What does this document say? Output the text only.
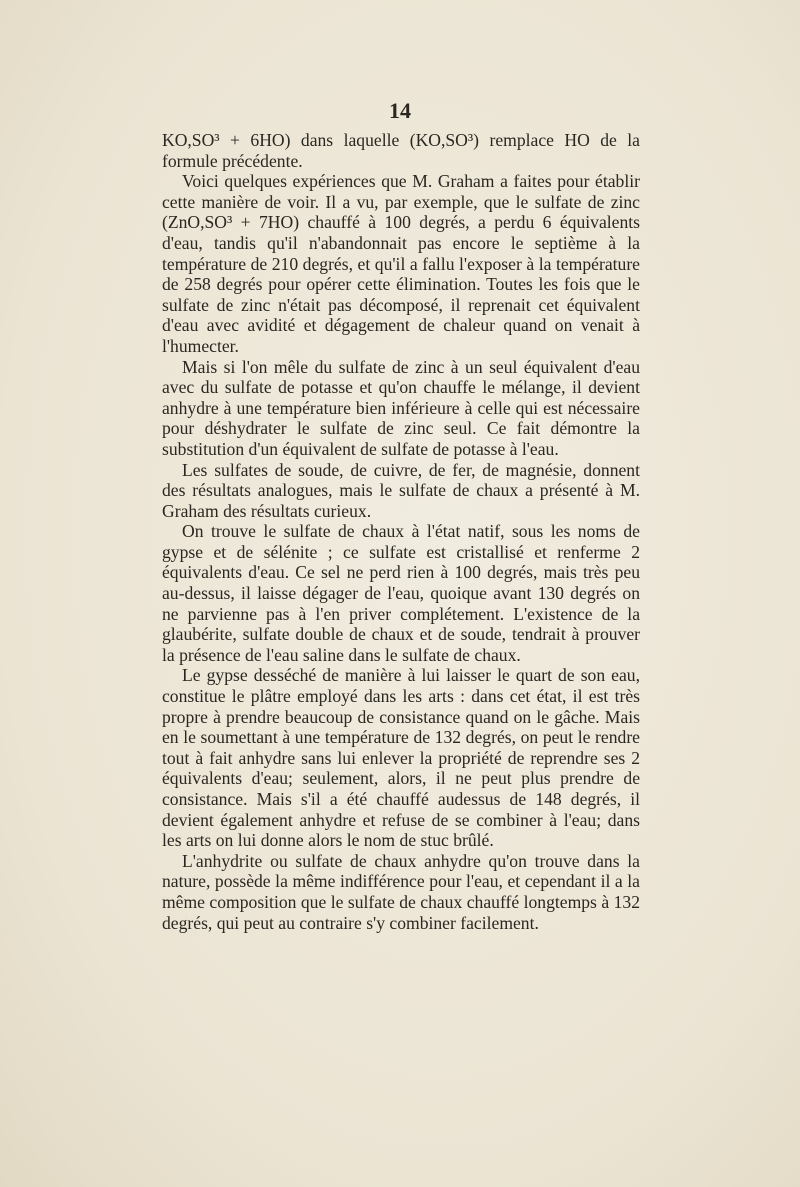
14

KO,SO³ + 6HO) dans laquelle (KO,SO³) remplace HO de la formule précédente.

Voici quelques expériences que M. Graham a faites pour établir cette manière de voir. Il a vu, par exemple, que le sulfate de zinc (ZnO,SO³ + 7HO) chauffé à 100 degrés, a perdu 6 équivalents d'eau, tandis qu'il n'abandonnait pas encore le septième à la température de 210 degrés, et qu'il a fallu l'exposer à la température de 258 degrés pour opérer cette élimination. Toutes les fois que le sulfate de zinc n'était pas décomposé, il reprenait cet équivalent d'eau avec avidité et dégagement de chaleur quand on venait à l'humecter.

Mais si l'on mêle du sulfate de zinc à un seul équivalent d'eau avec du sulfate de potasse et qu'on chauffe le mélange, il devient anhydre à une température bien inférieure à celle qui est nécessaire pour déshydrater le sulfate de zinc seul. Ce fait démontre la substitution d'un équivalent de sulfate de potasse à l'eau.

Les sulfates de soude, de cuivre, de fer, de magnésie, donnent des résultats analogues, mais le sulfate de chaux a présenté à M. Graham des résultats curieux.

On trouve le sulfate de chaux à l'état natif, sous les noms de gypse et de sélénite ; ce sulfate est cristallisé et renferme 2 équivalents d'eau. Ce sel ne perd rien à 100 degrés, mais très peu au-dessus, il laisse dégager de l'eau, quoique avant 130 degrés on ne parvienne pas à l'en priver complétement. L'existence de la glaubérite, sulfate double de chaux et de soude, tendrait à prouver la présence de l'eau saline dans le sulfate de chaux.

Le gypse desséché de manière à lui laisser le quart de son eau, constitue le plâtre employé dans les arts : dans cet état, il est très propre à prendre beaucoup de consistance quand on le gâche. Mais en le soumettant à une température de 132 degrés, on peut le rendre tout à fait anhydre sans lui enlever la propriété de reprendre ses 2 équivalents d'eau; seulement, alors, il ne peut plus prendre de consistance. Mais s'il a été chauffé audessus de 148 degrés, il devient également anhydre et refuse de se combiner à l'eau; dans les arts on lui donne alors le nom de stuc brûlé.

L'anhydrite ou sulfate de chaux anhydre qu'on trouve dans la nature, possède la même indifférence pour l'eau, et cependant il a la même composition que le sulfate de chaux chauffé longtemps à 132 degrés, qui peut au contraire s'y combiner facilement.
